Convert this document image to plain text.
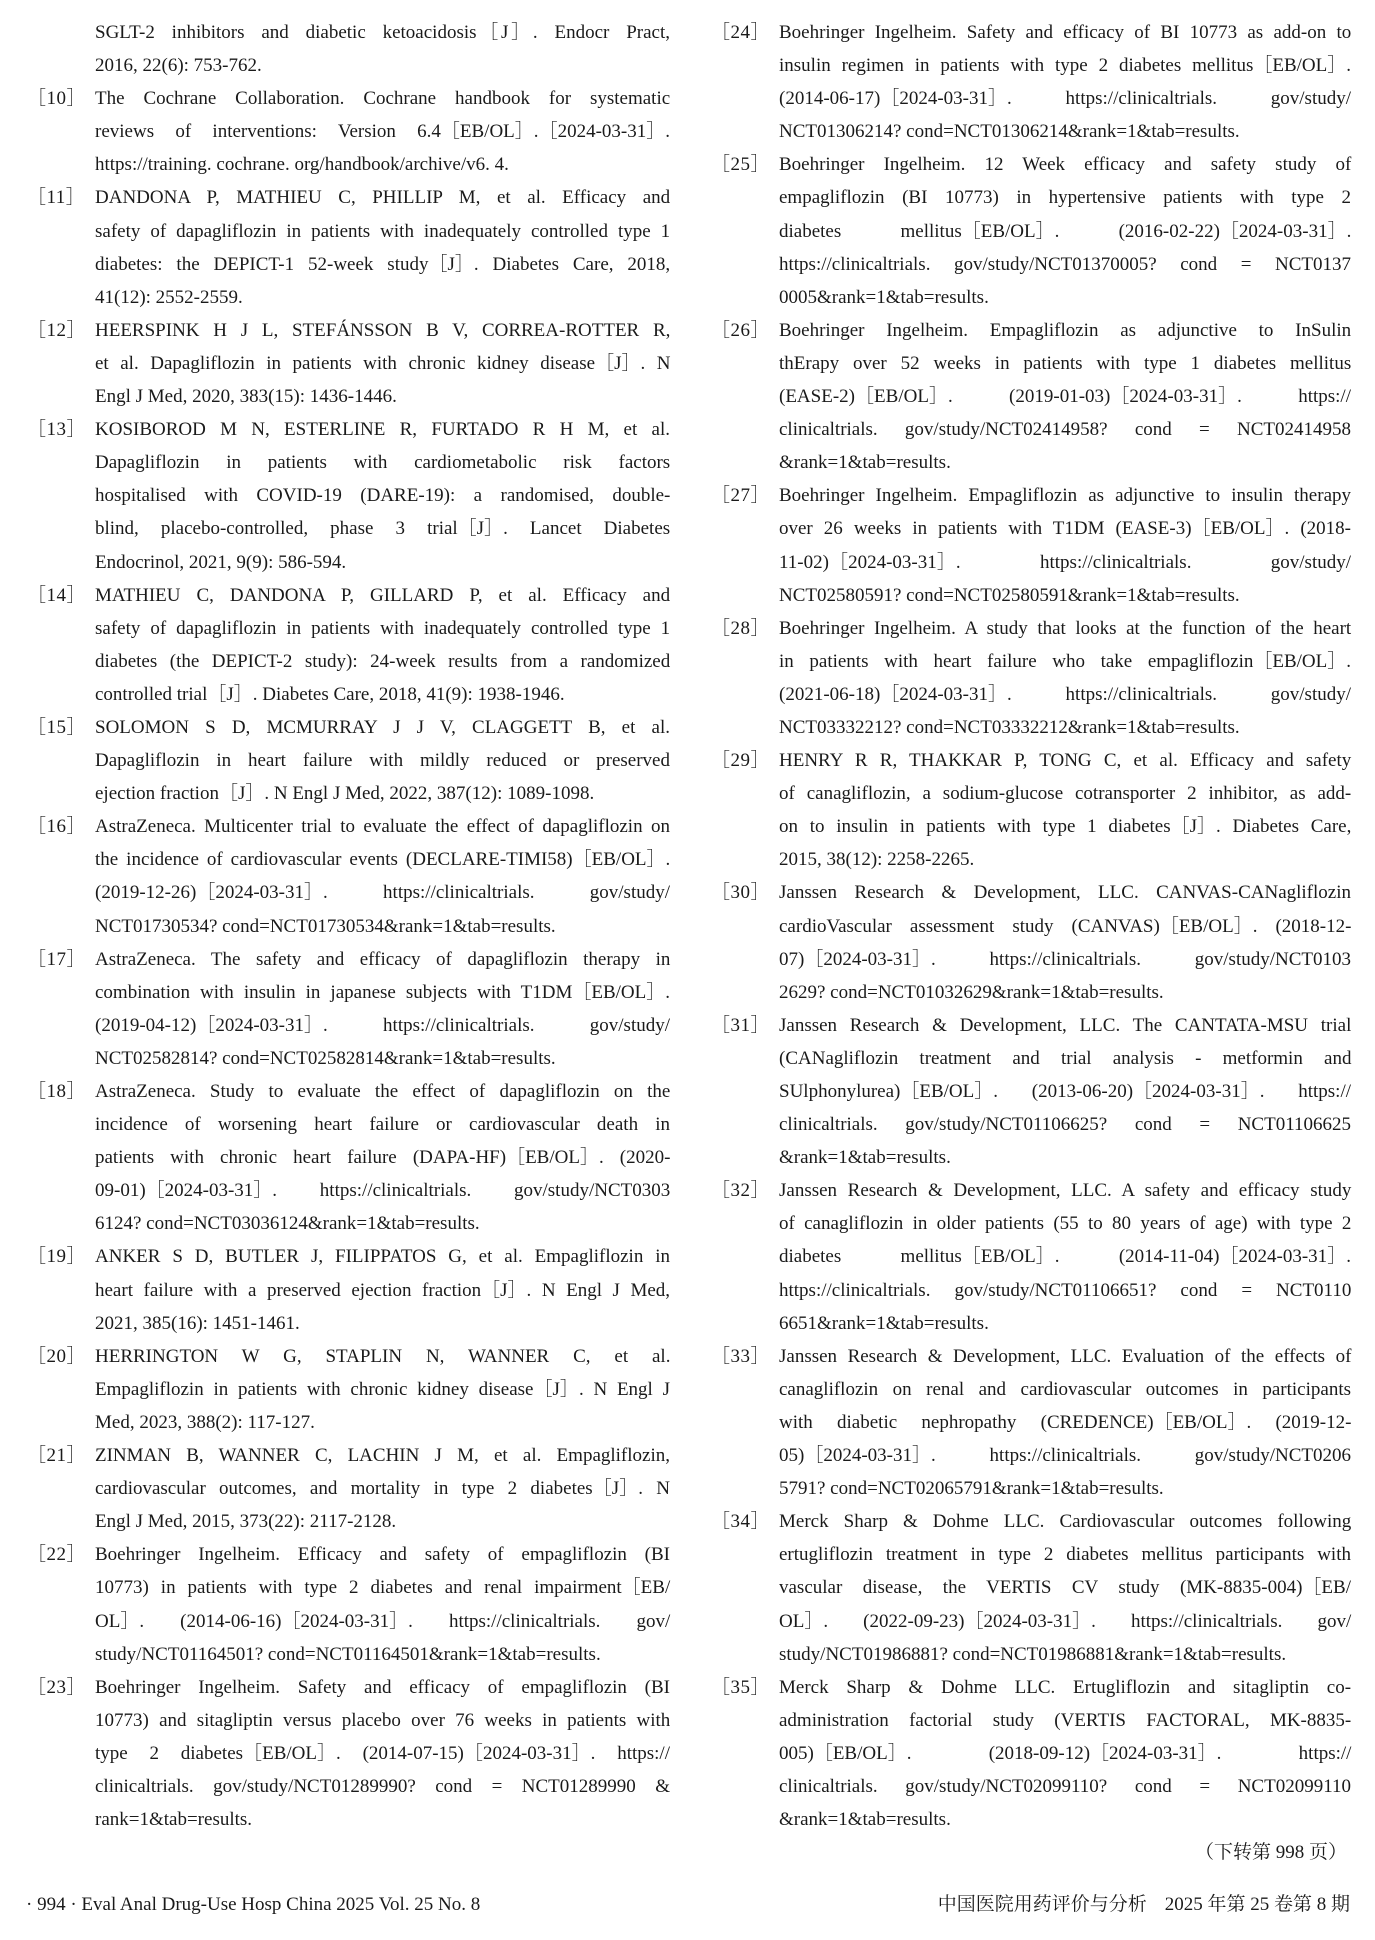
SGLT-2 inhibitors and diabetic ketoacidosis［J］. Endocr Pract,
2016, 22(6): 753-762.
［10］ The Cochrane Collaboration. Cochrane handbook for systematic
reviews of interventions: Version 6.4［EB/OL］.［2024-03-31］.
https://training. cochrane. org/handbook/archive/v6. 4.
［11］ DANDONA P, MATHIEU C, PHILLIP M, et al. Efficacy and
safety of dapagliflozin in patients with inadequately controlled type 1
diabetes: the DEPICT-1 52-week study［J］. Diabetes Care, 2018,
41(12): 2552-2559.
［12］ HEERSPINK H J L, STEFÁNSSON B V, CORREA-ROTTER R,
et al. Dapagliflozin in patients with chronic kidney disease［J］. N
Engl J Med, 2020, 383(15): 1436-1446.
［13］ KOSIBOROD M N, ESTERLINE R, FURTADO R H M, et al.
Dapagliflozin in patients with cardiometabolic risk factors
hospitalised with COVID-19 (DARE-19): a randomised, double-
blind, placebo-controlled, phase 3 trial［J］. Lancet Diabetes
Endocrinol, 2021, 9(9): 586-594.
［14］ MATHIEU C, DANDONA P, GILLARD P, et al. Efficacy and
safety of dapagliflozin in patients with inadequately controlled type 1
diabetes (the DEPICT-2 study): 24-week results from a randomized
controlled trial［J］. Diabetes Care, 2018, 41(9): 1938-1946.
［15］ SOLOMON S D, MCMURRAY J J V, CLAGGETT B, et al.
Dapagliflozin in heart failure with mildly reduced or preserved
ejection fraction［J］. N Engl J Med, 2022, 387(12): 1089-1098.
［16］ AstraZeneca. Multicenter trial to evaluate the effect of dapagliflozin on
the incidence of cardiovascular events (DECLARE-TIMI58)［EB/OL］.
(2019-12-26)［2024-03-31］. https://clinicaltrials. gov/study/
NCT01730534? cond=NCT01730534&rank=1&tab=results.
［17］ AstraZeneca. The safety and efficacy of dapagliflozin therapy in
combination with insulin in japanese subjects with T1DM［EB/OL］.
(2019-04-12)［2024-03-31］. https://clinicaltrials. gov/study/
NCT02582814? cond=NCT02582814&rank=1&tab=results.
［18］ AstraZeneca. Study to evaluate the effect of dapagliflozin on the
incidence of worsening heart failure or cardiovascular death in
patients with chronic heart failure (DAPA-HF)［EB/OL］. (2020-
09-01)［2024-03-31］. https://clinicaltrials. gov/study/NCT0303
6124? cond=NCT03036124&rank=1&tab=results.
［19］ ANKER S D, BUTLER J, FILIPPATOS G, et al. Empagliflozin in
heart failure with a preserved ejection fraction［J］. N Engl J Med,
2021, 385(16): 1451-1461.
［20］ HERRINGTON W G, STAPLIN N, WANNER C, et al.
Empagliflozin in patients with chronic kidney disease［J］. N Engl J
Med, 2023, 388(2): 117-127.
［21］ ZINMAN B, WANNER C, LACHIN J M, et al. Empagliflozin,
cardiovascular outcomes, and mortality in type 2 diabetes［J］. N
Engl J Med, 2015, 373(22): 2117-2128.
［22］ Boehringer Ingelheim. Efficacy and safety of empagliflozin (BI
10773) in patients with type 2 diabetes and renal impairment［EB/
OL］. (2014-06-16)［2024-03-31］. https://clinicaltrials. gov/
study/NCT01164501? cond=NCT01164501&rank=1&tab=results.
［23］ Boehringer Ingelheim. Safety and efficacy of empagliflozin (BI
10773) and sitagliptin versus placebo over 76 weeks in patients with
type 2 diabetes［EB/OL］. (2014-07-15)［2024-03-31］. https://
clinicaltrials. gov/study/NCT01289990? cond = NCT01289990 &
rank=1&tab=results.
［24］ Boehringer Ingelheim. Safety and efficacy of BI 10773 as add-on to
insulin regimen in patients with type 2 diabetes mellitus［EB/OL］.
(2014-06-17)［2024-03-31］. https://clinicaltrials. gov/study/
NCT01306214? cond=NCT01306214&rank=1&tab=results.
［25］ Boehringer Ingelheim. 12 Week efficacy and safety study of
empagliflozin (BI 10773) in hypertensive patients with type 2
diabetes mellitus［EB/OL］. (2016-02-22)［2024-03-31］.
https://clinicaltrials. gov/study/NCT01370005? cond = NCT0137
0005&rank=1&tab=results.
［26］ Boehringer Ingelheim. Empagliflozin as adjunctive to InSulin
thErapy over 52 weeks in patients with type 1 diabetes mellitus
(EASE-2)［EB/OL］. (2019-01-03)［2024-03-31］. https://
clinicaltrials. gov/study/NCT02414958? cond = NCT02414958
&rank=1&tab=results.
［27］ Boehringer Ingelheim. Empagliflozin as adjunctive to insulin therapy
over 26 weeks in patients with T1DM (EASE-3)［EB/OL］. (2018-
11-02)［2024-03-31］. https://clinicaltrials. gov/study/
NCT02580591? cond=NCT02580591&rank=1&tab=results.
［28］ Boehringer Ingelheim. A study that looks at the function of the heart
in patients with heart failure who take empagliflozin［EB/OL］.
(2021-06-18)［2024-03-31］. https://clinicaltrials. gov/study/
NCT03332212? cond=NCT03332212&rank=1&tab=results.
［29］ HENRY R R, THAKKAR P, TONG C, et al. Efficacy and safety
of canagliflozin, a sodium-glucose cotransporter 2 inhibitor, as add-
on to insulin in patients with type 1 diabetes［J］. Diabetes Care,
2015, 38(12): 2258-2265.
［30］ Janssen Research & Development, LLC. CANVAS-CANagliflozin
cardioVascular assessment study (CANVAS)［EB/OL］. (2018-12-
07)［2024-03-31］. https://clinicaltrials. gov/study/NCT0103
2629? cond=NCT01032629&rank=1&tab=results.
［31］ Janssen Research & Development, LLC. The CANTATA-MSU trial
(CANagliflozin treatment and trial analysis - metformin and
SUlphonylurea)［EB/OL］. (2013-06-20)［2024-03-31］. https://
clinicaltrials. gov/study/NCT01106625? cond = NCT01106625
&rank=1&tab=results.
［32］ Janssen Research & Development, LLC. A safety and efficacy study
of canagliflozin in older patients (55 to 80 years of age) with type 2
diabetes mellitus［EB/OL］. (2014-11-04)［2024-03-31］.
https://clinicaltrials. gov/study/NCT01106651? cond = NCT0110
6651&rank=1&tab=results.
［33］ Janssen Research & Development, LLC. Evaluation of the effects of
canagliflozin on renal and cardiovascular outcomes in participants
with diabetic nephropathy (CREDENCE)［EB/OL］. (2019-12-
05)［2024-03-31］. https://clinicaltrials. gov/study/NCT0206
5791? cond=NCT02065791&rank=1&tab=results.
［34］ Merck Sharp & Dohme LLC. Cardiovascular outcomes following
ertugliflozin treatment in type 2 diabetes mellitus participants with
vascular disease, the VERTIS CV study (MK-8835-004)［EB/
OL］. (2022-09-23)［2024-03-31］. https://clinicaltrials. gov/
study/NCT01986881? cond=NCT01986881&rank=1&tab=results.
［35］ Merck Sharp & Dohme LLC. Ertugliflozin and sitagliptin co-
administration factorial study (VERTIS FACTORAL, MK-8835-
005)［EB/OL］. (2018-09-12)［2024-03-31］. https://
clinicaltrials. gov/study/NCT02099110? cond = NCT02099110
&rank=1&tab=results.
（下转第 998 页）
· 994 · Eval Anal Drug-Use Hosp China 2025 Vol. 25 No. 8	中国医院用药评价与分析 2025 年第 25 卷第 8 期
